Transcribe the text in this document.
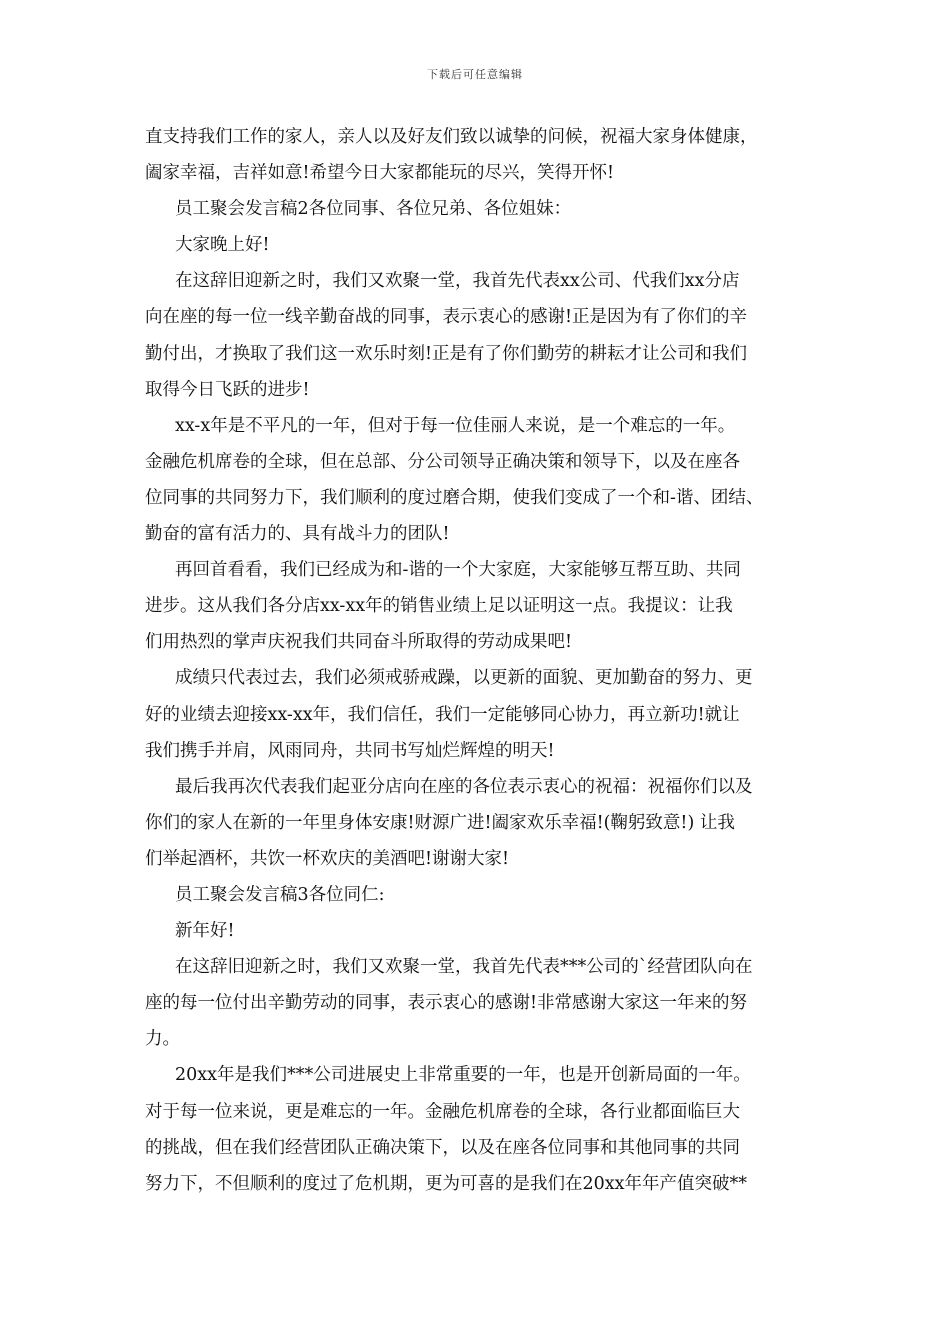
下载后可任意编辑
直支持我们工作的家人，亲人以及好友们致以诚挚的问候，祝福大家身体健康，
阖家幸福，吉祥如意!希望今日大家都能玩的尽兴，笑得开怀!
员工聚会发言稿2各位同事、各位兄弟、各位姐妹：
大家晚上好!
在这辞旧迎新之时，我们又欢聚一堂，我首先代表xx公司、代我们xx分店
向在座的每一位一线辛勤奋战的同事，表示衷心的感谢!正是因为有了你们的辛
勤付出，才换取了我们这一欢乐时刻!正是有了你们勤劳的耕耘才让公司和我们
取得今日飞跃的进步!
xx-x年是不平凡的一年，但对于每一位佳丽人来说，是一个难忘的一年。
金融危机席卷的全球，但在总部、分公司领导正确决策和领导下，以及在座各
位同事的共同努力下，我们顺利的度过磨合期，使我们变成了一个和-谐、团结、
勤奋的富有活力的、具有战斗力的团队!
再回首看看，我们已经成为和-谐的一个大家庭，大家能够互帮互助、共同
进步。这从我们各分店xx-xx年的销售业绩上足以证明这一点。我提议：让我
们用热烈的掌声庆祝我们共同奋斗所取得的劳动成果吧!
成绩只代表过去，我们必须戒骄戒躁，以更新的面貌、更加勤奋的努力、更
好的业绩去迎接xx-xx年，我们信任，我们一定能够同心协力，再立新功!就让
我们携手并肩，风雨同舟，共同书写灿烂辉煌的明天!
最后我再次代表我们起亚分店向在座的各位表示衷心的祝福：祝福你们以及
你们的家人在新的一年里身体安康!财源广进!阖家欢乐幸福!(鞠躬致意!) 让我
们举起酒杯，共饮一杯欢庆的美酒吧!谢谢大家!
员工聚会发言稿3各位同仁:
新年好!
在这辞旧迎新之时，我们又欢聚一堂，我首先代表***公司的`经营团队向在
座的每一位付出辛勤劳动的同事，表示衷心的感谢!非常感谢大家这一年来的努
力。
20xx年是我们***公司进展史上非常重要的一年，也是开创新局面的一年。
对于每一位来说，更是难忘的一年。金融危机席卷的全球，各行业都面临巨大
的挑战，但在我们经营团队正确决策下，以及在座各位同事和其他同事的共同
努力下，不但顺利的度过了危机期，更为可喜的是我们在20xx年年产值突破**
